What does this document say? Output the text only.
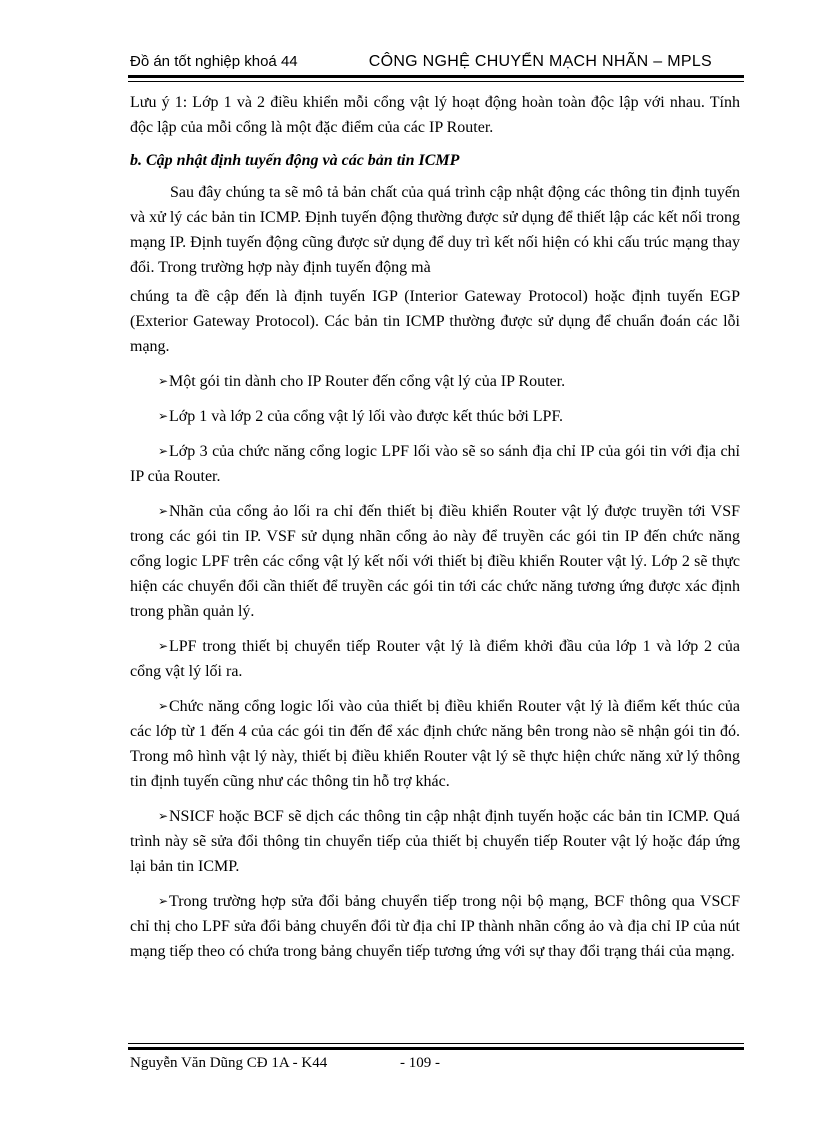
Đồ án tốt nghiệp khoá 44	CÔNG NGHỆ CHUYỂN MẠCH NHÃN – MPLS

Lưu ý 1: Lớp 1 và 2 điều khiển mỗi cổng vật lý hoạt động hoàn toàn độc lập với nhau. Tính độc lập của mỗi cổng là một đặc điểm của các IP Router.

b. Cập nhật định tuyến động và các bản tin ICMP

Sau đây chúng ta sẽ mô tả bản chất của quá trình cập nhật động các thông tin định tuyến và xử lý các bản tin ICMP. Định tuyến động thường được sử dụng để thiết lập các kết nối trong mạng IP. Định tuyến động cũng được sử dụng để duy trì kết nối hiện có khi cấu trúc mạng thay đổi. Trong trường hợp này định tuyến động mà

chúng ta đề cập đến là định tuyến IGP (Interior Gateway Protocol) hoặc định tuyến EGP (Exterior Gateway Protocol). Các bản tin ICMP thường được sử dụng để chuẩn đoán các lỗi mạng.

➢Một gói tin dành cho IP Router đến cổng vật lý của IP Router.

➢Lớp 1 và lớp 2 của cổng vật lý lối vào được kết thúc bởi LPF.

➢Lớp 3 của chức năng cổng logic LPF lối vào sẽ so sánh địa chỉ IP của gói tin với địa chỉ IP của Router.

➢Nhãn của cổng ảo lối ra chỉ đến thiết bị điều khiển Router vật lý được truyền tới VSF trong các gói tin IP. VSF sử dụng nhãn cổng ảo này để truyền các gói tin IP đến chức năng cổng logic LPF trên các cổng vật lý kết nối với thiết bị điều khiển Router vật lý. Lớp 2 sẽ thực hiện các chuyển đổi cần thiết để truyền các gói tin tới các chức năng tương ứng được xác định trong phần quản lý.

➢LPF trong thiết bị chuyển tiếp Router vật lý là điểm khởi đầu của lớp 1 và lớp 2 của cổng vật lý lối ra.

➢Chức năng cổng logic lối vào của thiết bị điều khiển Router vật lý là điểm kết thúc của các lớp từ 1 đến 4 của các gói tin đến để xác định chức năng bên trong nào sẽ nhận gói tin đó. Trong mô hình vật lý này, thiết bị điều khiển Router vật lý sẽ thực hiện chức năng xử lý thông tin định tuyến cũng như các thông tin hỗ trợ khác.

➢NSICF hoặc BCF sẽ dịch các thông tin cập nhật định tuyến hoặc các bản tin ICMP. Quá trình này sẽ sửa đổi thông tin chuyển tiếp của thiết bị chuyển tiếp Router vật lý hoặc đáp ứng lại bản tin ICMP.

➢Trong trường hợp sửa đổi bảng chuyển tiếp trong nội bộ mạng, BCF thông qua VSCF chỉ thị cho LPF sửa đổi bảng chuyển đổi từ địa chỉ IP thành nhãn cổng ảo và địa chỉ IP của nút mạng tiếp theo có chứa trong bảng chuyển tiếp tương ứng với sự thay đổi trạng thái của mạng.

Nguyễn Văn Dũng CĐ 1A - K44	- 109 -
